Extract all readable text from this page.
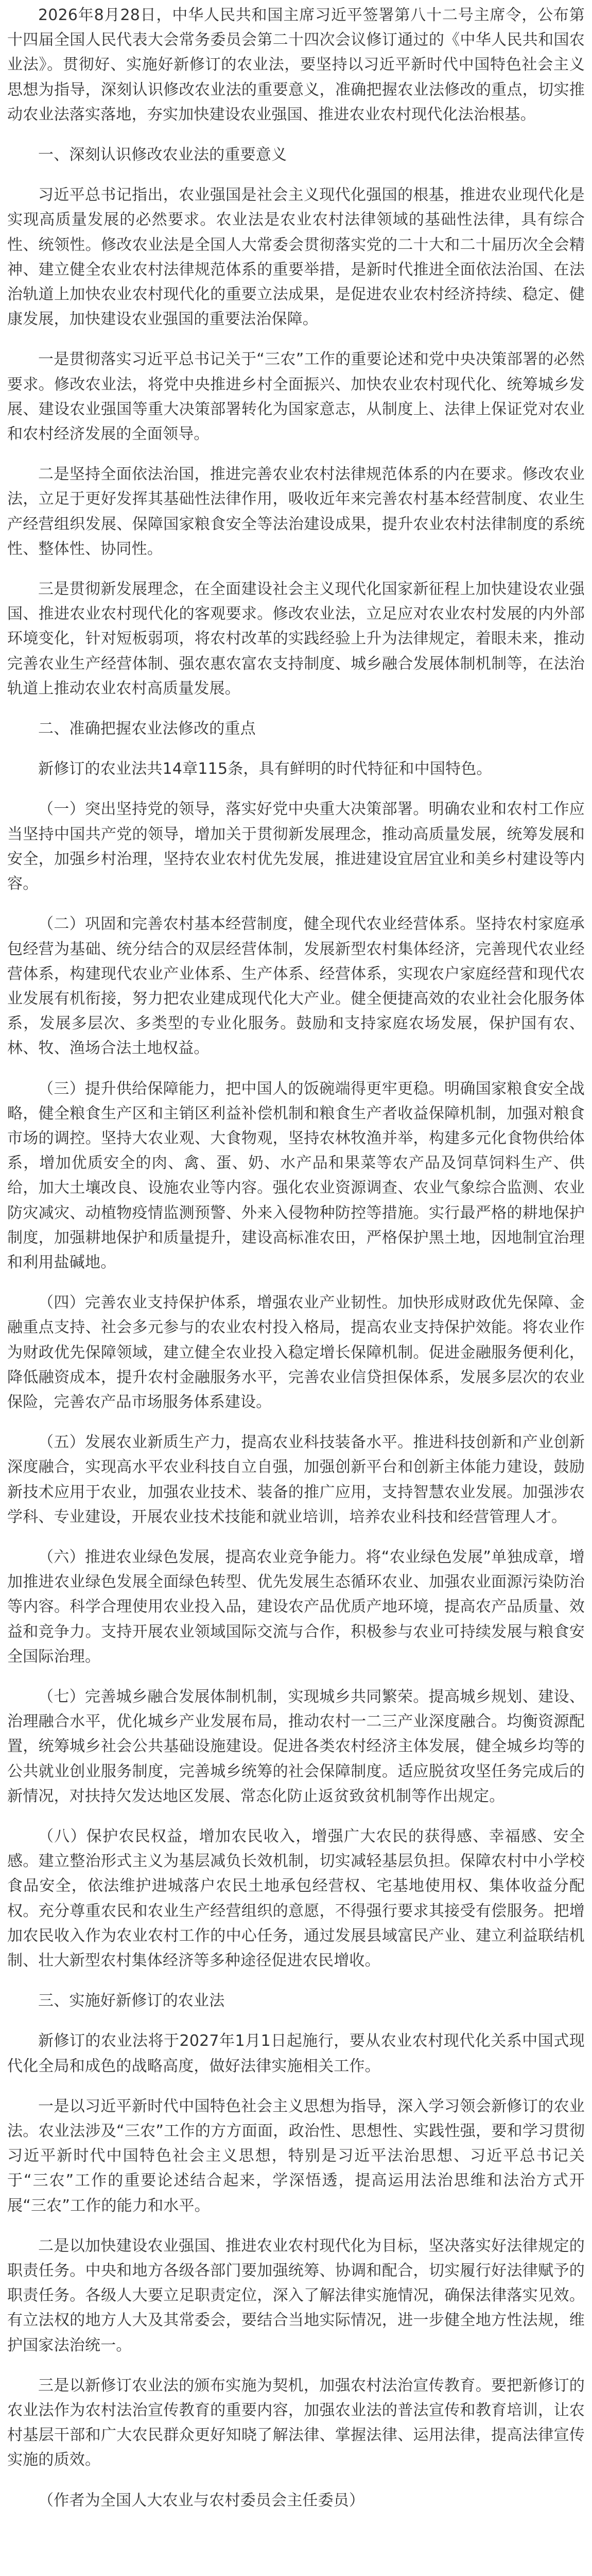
2026年8月28日，中华人民共和国主席习近平签署第八十二号主席令，公布第十四届全国人民代表大会常务委员会第二十四次会议修订通过的《中华人民共和国农业法》。贯彻好、实施好新修订的农业法，要坚持以习近平新时代中国特色社会主义思想为指导，深刻认识修改农业法的重要意义，准确把握农业法修改的重点，切实推动农业法落实落地，夯实加快建设农业强国、推进农业农村现代化法治根基。

一、深刻认识修改农业法的重要意义

习近平总书记指出，农业强国是社会主义现代化强国的根基，推进农业现代化是实现高质量发展的必然要求。农业法是农业农村法律领域的基础性法律，具有综合性、统领性。修改农业法是全国人大常委会贯彻落实党的二十大和二十届历次全会精神、建立健全农业农村法律规范体系的重要举措，是新时代推进全面依法治国、在法治轨道上加快农业农村现代化的重要立法成果，是促进农业农村经济持续、稳定、健康发展，加快建设农业强国的重要法治保障。

一是贯彻落实习近平总书记关于“三农”工作的重要论述和党中央决策部署的必然要求。修改农业法，将党中央推进乡村全面振兴、加快农业农村现代化、统筹城乡发展、建设农业强国等重大决策部署转化为国家意志，从制度上、法律上保证党对农业和农村经济发展的全面领导。

二是坚持全面依法治国，推进完善农业农村法律规范体系的内在要求。修改农业法，立足于更好发挥其基础性法律作用，吸收近年来完善农村基本经营制度、农业生产经营组织发展、保障国家粮食安全等法治建设成果，提升农业农村法律制度的系统性、整体性、协同性。

三是贯彻新发展理念，在全面建设社会主义现代化国家新征程上加快建设农业强国、推进农业农村现代化的客观要求。修改农业法，立足应对农业农村发展的内外部环境变化，针对短板弱项，将农村改革的实践经验上升为法律规定，着眼未来，推动完善农业生产经营体制、强农惠农富农支持制度、城乡融合发展体制机制等，在法治轨道上推动农业农村高质量发展。

二、准确把握农业法修改的重点

新修订的农业法共14章115条，具有鲜明的时代特征和中国特色。

（一）突出坚持党的领导，落实好党中央重大决策部署。明确农业和农村工作应当坚持中国共产党的领导，增加关于贯彻新发展理念，推动高质量发展，统筹发展和安全，加强乡村治理，坚持农业农村优先发展，推进建设宜居宜业和美乡村建设等内容。

（二）巩固和完善农村基本经营制度，健全现代农业经营体系。坚持农村家庭承包经营为基础、统分结合的双层经营体制，发展新型农村集体经济，完善现代农业经营体系，构建现代农业产业体系、生产体系、经营体系，实现农户家庭经营和现代农业发展有机衔接，努力把农业建成现代化大产业。健全便捷高效的农业社会化服务体系，发展多层次、多类型的专业化服务。鼓励和支持家庭农场发展，保护国有农、林、牧、渔场合法土地权益。

（三）提升供给保障能力，把中国人的饭碗端得更牢更稳。明确国家粮食安全战略，健全粮食生产区和主销区利益补偿机制和粮食生产者收益保障机制，加强对粮食市场的调控。坚持大农业观、大食物观，坚持农林牧渔并举，构建多元化食物供给体系，增加优质安全的肉、禽、蛋、奶、水产品和果菜等农产品及饲草饲料生产、供给，加大土壤改良、设施农业等内容。强化农业资源调查、农业气象综合监测、农业防灾减灾、动植物疫情监测预警、外来入侵物种防控等措施。实行最严格的耕地保护制度，加强耕地保护和质量提升，建设高标准农田，严格保护黑土地，因地制宜治理和利用盐碱地。

（四）完善农业支持保护体系，增强农业产业韧性。加快形成财政优先保障、金融重点支持、社会多元参与的农业农村投入格局，提高农业支持保护效能。将农业作为财政优先保障领域，建立健全农业投入稳定增长保障机制。促进金融服务便利化，降低融资成本，提升农村金融服务水平，完善农业信贷担保体系，发展多层次的农业保险，完善农产品市场服务体系建设。

（五）发展农业新质生产力，提高农业科技装备水平。推进科技创新和产业创新深度融合，实现高水平农业科技自立自强，加强创新平台和创新主体能力建设，鼓励新技术应用于农业，加强农业技术、装备的推广应用，支持智慧农业发展。加强涉农学科、专业建设，开展农业技术技能和就业培训，培养农业科技和经营管理人才。

（六）推进农业绿色发展，提高农业竞争能力。将“农业绿色发展”单独成章，增加推进农业绿色发展全面绿色转型、优先发展生态循环农业、加强农业面源污染防治等内容。科学合理使用农业投入品，建设农产品优质产地环境，提高农产品质量、效益和竞争力。支持开展农业领域国际交流与合作，积极参与农业可持续发展与粮食安全国际治理。

（七）完善城乡融合发展体制机制，实现城乡共同繁荣。提高城乡规划、建设、治理融合水平，优化城乡产业发展布局，推动农村一二三产业深度融合。均衡资源配置，统筹城乡社会公共基础设施建设。促进各类农村经济主体发展，健全城乡均等的公共就业创业服务制度，完善城乡统筹的社会保障制度。适应脱贫攻坚任务完成后的新情况，对扶持欠发达地区发展、常态化防止返贫致贫机制等作出规定。

（八）保护农民权益，增加农民收入，增强广大农民的获得感、幸福感、安全感。建立整治形式主义为基层减负长效机制，切实减轻基层负担。保障农村中小学校食品安全，依法维护进城落户农民土地承包经营权、宅基地使用权、集体收益分配权。充分尊重农民和农业生产经营组织的意愿，不得强行要求其接受有偿服务。把增加农民收入作为农业农村工作的中心任务，通过发展县域富民产业、建立利益联结机制、壮大新型农村集体经济等多种途径促进农民增收。

三、实施好新修订的农业法

新修订的农业法将于2027年1月1日起施行，要从农业农村现代化关系中国式现代化全局和成色的战略高度，做好法律实施相关工作。

一是以习近平新时代中国特色社会主义思想为指导，深入学习领会新修订的农业法。农业法涉及“三农”工作的方方面面，政治性、思想性、实践性强，要和学习贯彻习近平新时代中国特色社会主义思想，特别是习近平法治思想、习近平总书记关于“三农”工作的重要论述结合起来，学深悟透，提高运用法治思维和法治方式开展“三农”工作的能力和水平。

二是以加快建设农业强国、推进农业农村现代化为目标，坚决落实好法律规定的职责任务。中央和地方各级各部门要加强统筹、协调和配合，切实履行好法律赋予的职责任务。各级人大要立足职责定位，深入了解法律实施情况，确保法律落实见效。有立法权的地方人大及其常委会，要结合当地实际情况，进一步健全地方性法规，维护国家法治统一。

三是以新修订农业法的颁布实施为契机，加强农村法治宣传教育。要把新修订的农业法作为农村法治宣传教育的重要内容，加强农业法的普法宣传和教育培训，让农村基层干部和广大农民群众更好知晓了解法律、掌握法律、运用法律，提高法律宣传实施的质效。

（作者为全国人大农业与农村委员会主任委员）
